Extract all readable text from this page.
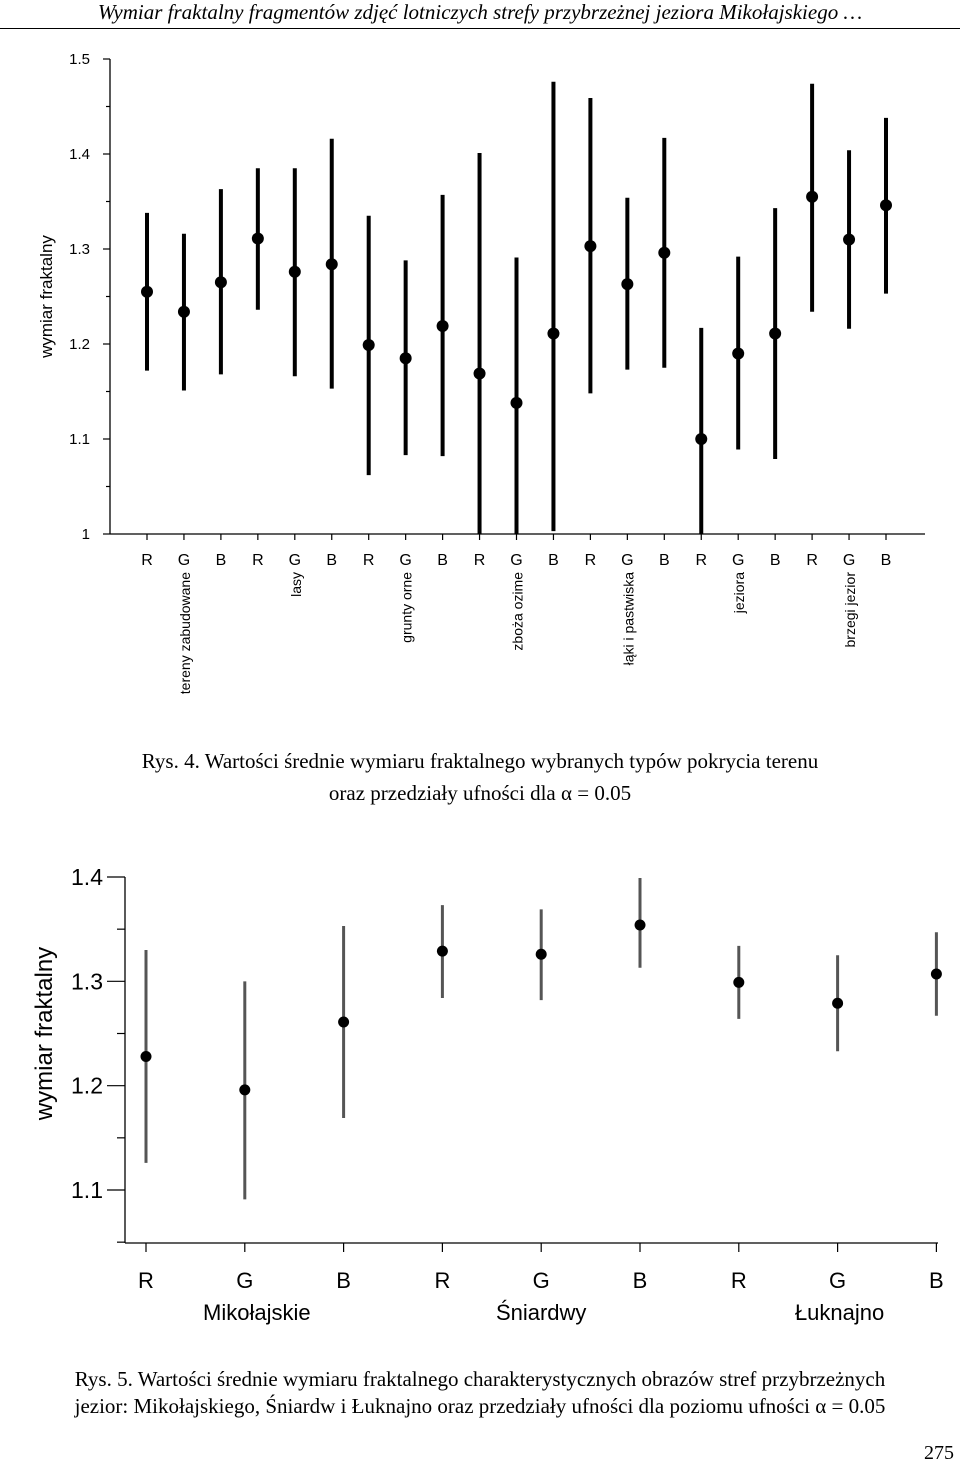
Wymiar fraktalny fragmentów zdjęć lotniczych strefy przybrzeżnej jeziora Mikołajskiego …
1
1.1
1.2
1.3
1.4
1.5
wymiar fraktalny
R G B R G B R G B R G B R G B R G B R G B
tereny zabudowane	lasy	grunty orne	zboża ozime	łąki i pastwiska	jeziora	brzegi jezior
Rys. 4. Wartości średnie wymiaru fraktalnego wybranych typów pokrycia terenu
oraz przedziały ufności dla α = 0.05
1.1
1.2
1.3
1.4
wymiar fraktalny
R	G	B	R	G	B	R	G	B
Mikołajskie	Śniardwy	Łuknajno
Rys. 5. Wartości średnie wymiaru fraktalnego charakterystycznych obrazów stref przybrzeżnych
jezior: Mikołajskiego, Śniardw i Łuknajno oraz przedziały ufności dla poziomu ufności α = 0.05
275
